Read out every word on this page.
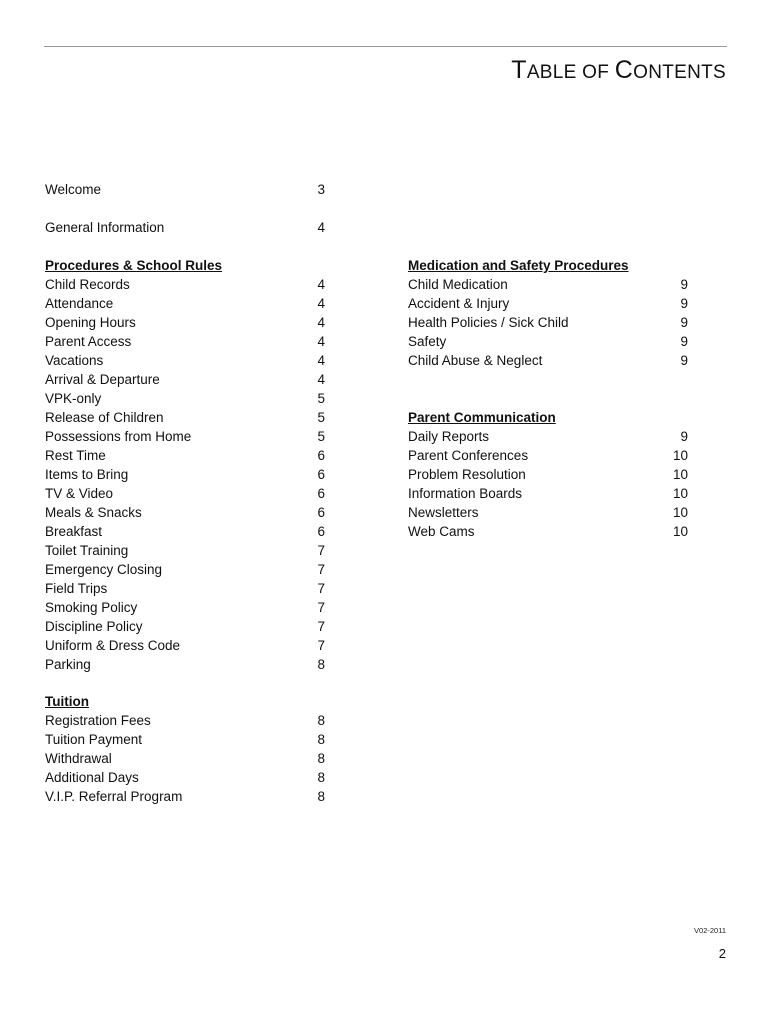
TABLE OF CONTENTS
Welcome	3
General Information	4
Procedures & School Rules
Child Records	4
Attendance	4
Opening Hours	4
Parent Access	4
Vacations	4
Arrival & Departure	4
VPK-only	5
Release of Children	5
Possessions from Home	5
Rest Time	6
Items to Bring	6
TV & Video	6
Meals & Snacks	6
Breakfast	6
Toilet Training	7
Emergency Closing	7
Field Trips	7
Smoking Policy	7
Discipline Policy	7
Uniform & Dress Code	7
Parking	8
Tuition
Registration Fees	8
Tuition Payment	8
Withdrawal	8
Additional Days	8
V.I.P. Referral Program	8
Medication and Safety Procedures
Child Medication	9
Accident & Injury	9
Health Policies / Sick Child	9
Safety	9
Child Abuse & Neglect	9
Parent Communication
Daily Reports	9
Parent Conferences	10
Problem Resolution	10
Information Boards	10
Newsletters	10
Web Cams	10
V02-2011
2
